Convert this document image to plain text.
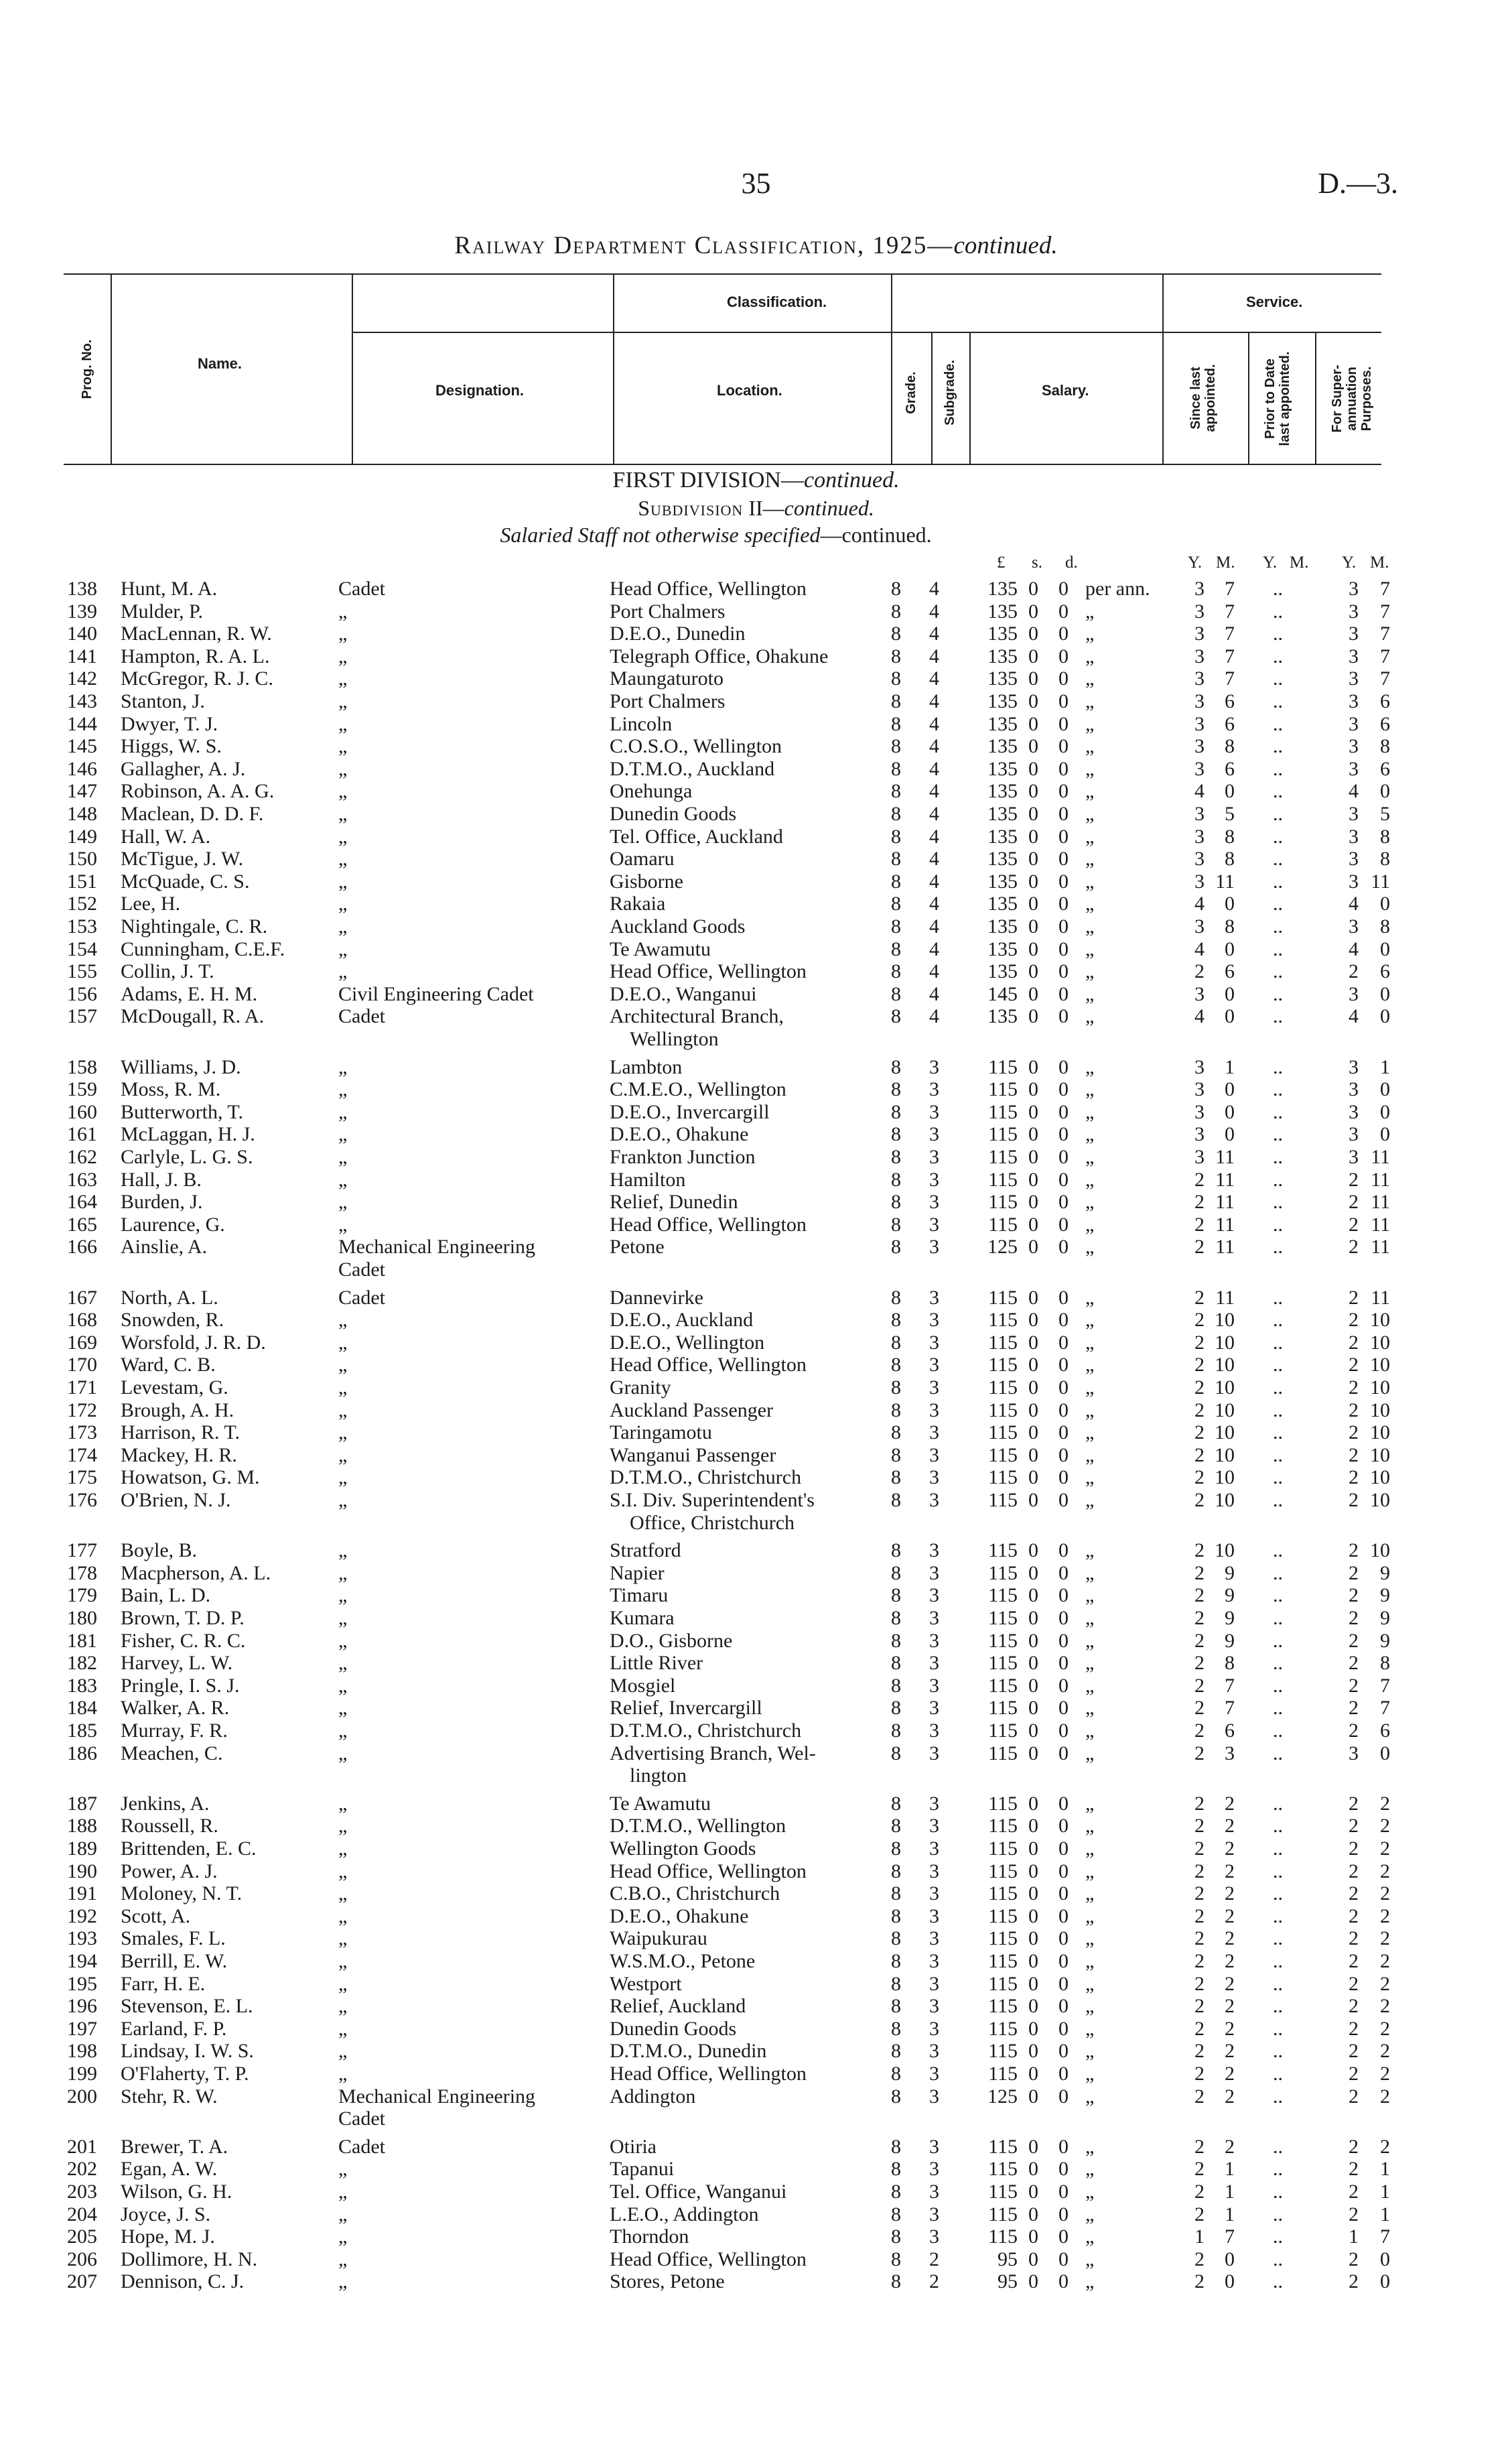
35	D.—3.
Railway Department Classification, 1925—continued.
Prog. No.	Name.
Classification.
Designation.	Location.	Grade. Subgrade.	Salary.
Service.
Since last appointed.	Prior to Date last appointed.	For Super-annuation Purposes.
FIRST DIVISION—continued.
Subdivision II—continued.
Salaried Staff not otherwise specified—continued.
£ s. d.	Y. M. Y. M. Y. M.
138 Hunt, M. A.	Cadet	Head Office, Wellington	8 4	135 0 0 per ann.	3	7 ..	3	7
139 Mulder, P.	„	Port Chalmers	8 4	135 0 0 „	3	7 ..	3	7
140 MacLennan, R. W.	„	D.E.O., Dunedin	8 4	135 0 0 „	3	7 ..	3	7
141 Hampton, R. A. L.	„	Telegraph Office, Ohakune	8 4	135 0 0 „	3	7 ..	3	7
142 McGregor, R. J. C.	„	Maungaturoto	8 4	135 0 0 „	3	7 ..	3	7
143 Stanton, J.	„	Port Chalmers	8 4	135 0 0 „	3	6 ..	3	6
144 Dwyer, T. J.	„	Lincoln	8 4	135 0 0 „	3	6 ..	3	6
145 Higgs, W. S.	„	C.O.S.O., Wellington	8 4	135 0 0 „	3	8 ..	3	8
146 Gallagher, A. J.	„	D.T.M.O., Auckland	8 4	135 0 0 „	3	6 ..	3	6
147 Robinson, A. A. G.	„	Onehunga	8 4	135 0 0 „	4	0 ..	4	0
148 Maclean, D. D. F.	„	Dunedin Goods	8 4	135 0 0 „	3	5 ..	3	5
149 Hall, W. A.	„	Tel. Office, Auckland	8 4	135 0 0 „	3	8 ..	3	8
150 McTigue, J. W.	„	Oamaru	8 4	135 0 0 „	3	8 ..	3	8
151 McQuade, C. S.	„	Gisborne	8 4	135 0 0 „	3 11 ..	3 11
152 Lee, H.	„	Rakaia	8 4	135 0 0 „	4	0 ..	4	0
153 Nightingale, C. R.	„	Auckland Goods	8 4	135 0 0 „	3	8 ..	3	8
154 Cunningham, C.E.F.	„	Te Awamutu	8 4	135 0 0 „	4	0 ..	4	0
155 Collin, J. T.	„	Head Office, Wellington	8 4	135 0 0 „	2	6 ..	2	6
156 Adams, E. H. M.	Civil Engineering Cadet	D.E.O., Wanganui	8 4	145 0 0 „	3	0 ..	3	0
157 McDougall, R. A.	Cadet	Architectural Branch,	8 4	135 0 0 „	4	0 ..	4	0
Wellington
158 Williams, J. D.	„	Lambton	8 3	115 0 0 „	3	1 ..	3	1
159 Moss, R. M.	„	C.M.E.O., Wellington	8 3	115 0 0 „	3	0 ..	3	0
160 Butterworth, T.	„	D.E.O., Invercargill	8 3	115 0 0 „	3	0 ..	3	0
161 McLaggan, H. J.	„	D.E.O., Ohakune	8 3	115 0 0 „	3	0 ..	3	0
162 Carlyle, L. G. S.	„	Frankton Junction	8 3	115 0 0 „	3 11 ..	3 11
163 Hall, J. B.	„	Hamilton	8 3	115 0 0 „	2 11 ..	2 11
164 Burden, J.	„	Relief, Dunedin	8 3	115 0 0 „	2 11 ..	2 11
165 Laurence, G.	„	Head Office, Wellington	8 3	115 0 0 „	2 11 ..	2 11
166 Ainslie, A.	Mechanical Engineering	Petone	8 3	125 0 0 „	2 11 ..	2 11
Cadet
167 North, A. L.	Cadet	Dannevirke	8 3	115 0 0 „	2 11 ..	2 11
168 Snowden, R.	„	D.E.O., Auckland	8 3	115 0 0 „	2 10 ..	2 10
169 Worsfold, J. R. D.	„	D.E.O., Wellington	8 3	115 0 0 „	2 10 ..	2 10
170 Ward, C. B.	„	Head Office, Wellington	8 3	115 0 0 „	2 10 ..	2 10
171 Levestam, G.	„	Granity	8 3	115 0 0 „	2 10 ..	2 10
172 Brough, A. H.	„	Auckland Passenger	8 3	115 0 0 „	2 10 ..	2 10
173 Harrison, R. T.	„	Taringamotu	8 3	115 0 0 „	2 10 ..	2 10
174 Mackey, H. R.	„	Wanganui Passenger	8 3	115 0 0 „	2 10 ..	2 10
175 Howatson, G. M.	„	D.T.M.O., Christchurch	8 3	115 0 0 „	2 10 ..	2 10
176 O'Brien, N. J.	„	S.I. Div. Superintendent's	8 3	115 0 0 „	2 10 ..	2 10
Office, Christchurch
177 Boyle, B.	„	Stratford	8 3	115 0 0 „	2 10 ..	2 10
178 Macpherson, A. L.	„	Napier	8 3	115 0 0 „	2	9 ..	2	9
179 Bain, L. D.	„	Timaru	8 3	115 0 0 „	2	9 ..	2	9
180 Brown, T. D. P.	„	Kumara	8 3	115 0 0 „	2	9 ..	2	9
181 Fisher, C. R. C.	„	D.O., Gisborne	8 3	115 0 0 „	2	9 ..	2	9
182 Harvey, L. W.	„	Little River	8 3	115 0 0 „	2	8 ..	2	8
183 Pringle, I. S. J.	„	Mosgiel	8 3	115 0 0 „	2	7 ..	2	7
184 Walker, A. R.	„	Relief, Invercargill	8 3	115 0 0 „	2	7 ..	2	7
185 Murray, F. R.	„	D.T.M.O., Christchurch	8 3	115 0 0 „	2	6 ..	2	6
186 Meachen, C.	„	Advertising Branch, Wel-	8 3	115 0 0 „	2	3 ..	3	0
lington
187 Jenkins, A.	„	Te Awamutu	8 3	115 0 0 „	2	2 ..	2	2
188 Roussell, R.	„	D.T.M.O., Wellington	8 3	115 0 0 „	2	2 ..	2	2
189 Brittenden, E. C.	„	Wellington Goods	8 3	115 0 0 „	2	2 ..	2	2
190 Power, A. J.	„	Head Office, Wellington	8 3	115 0 0 „	2	2 ..	2	2
191 Moloney, N. T.	„	C.B.O., Christchurch	8 3	115 0 0 „	2	2 ..	2	2
192 Scott, A.	„	D.E.O., Ohakune	8 3	115 0 0 „	2	2 ..	2	2
193 Smales, F. L.	„	Waipukurau	8 3	115 0 0 „	2	2 ..	2	2
194 Berrill, E. W.	„	W.S.M.O., Petone	8 3	115 0 0 „	2	2 ..	2	2
195 Farr, H. E.	„	Westport	8 3	115 0 0 „	2	2 ..	2	2
196 Stevenson, E. L.	„	Relief, Auckland	8 3	115 0 0 „	2	2 ..	2	2
197 Earland, F. P.	„	Dunedin Goods	8 3	115 0 0 „	2	2 ..	2	2
198 Lindsay, I. W. S.	„	D.T.M.O., Dunedin	8 3	115 0 0 „	2	2 ..	2	2
199 O'Flaherty, T. P.	„	Head Office, Wellington	8 3	115 0 0 „	2	2 ..	2	2
200 Stehr, R. W.	Mechanical Engineering	Addington	8 3	125 0 0 „	2	2 ..	2	2
Cadet
201 Brewer, T. A.	Cadet	Otiria	8 3	115 0 0 „	2	2 ..	2	2
202 Egan, A. W.	„	Tapanui	8 3	115 0 0 „	2	1 ..	2	1
203 Wilson, G. H.	„	Tel. Office, Wanganui	8 3	115 0 0 „	2	1 ..	2	1
204 Joyce, J. S.	„	L.E.O., Addington	8 3	115 0 0 „	2	1 ..	2	1
205 Hope, M. J.	„	Thorndon	8 3	115 0 0 „	1	7 ..	1	7
206 Dollimore, H. N.	„	Head Office, Wellington	8 2	95 0 0 „	2	0 ..	2	0
207 Dennison, C. J.	„	Stores, Petone	8 2	95 0 0 „	2	0 ..	2	0
